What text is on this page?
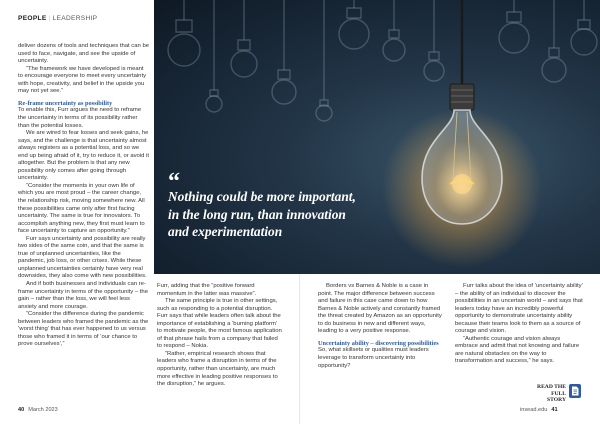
PEOPLE | LEADERSHIP

deliver dozens of tools and techniques that can be used to face, navigate, and see the upside of uncertainty.

“The framework we have developed is meant to encourage everyone to meet every uncertainty with hope, creativity, and belief in the upside you may not yet see.”

Re-frame uncertainty as possibility

To enable this, Furr argues the need to reframe the uncertainty in terms of its possibility rather than the potential losses.

We are wired to fear losses and seek gains, he says, and the challenge is that uncertainty almost always registers as a potential loss, and so we end up being afraid of it, try to reduce it, or avoid it altogether. But the problem is that any new possibility only comes after going through uncertainty.

“Consider the moments in your own life of which you are most proud – the career change, the relationship risk, moving somewhere new. All these possibilities came only after first facing uncertainty. The same is true for innovators. To accomplish anything new, they first must learn to face uncertainty to capture an opportunity.”

Furr says uncertainty and possibility are really two sides of the same coin, and that the same is true of unplanned uncertainties, like the pandemic, job loss, or other crises. While these unplanned uncertainties certainly have very real downsides, they also come with new possibilities.

And if both businesses and individuals can re-frame uncertainty in terms of the opportunity – the gain – rather than the loss, we will feel less anxiety and more courage.

“Consider the difference during the pandemic between leaders who framed the pandemic as the ‘worst thing’ that has ever happened to us versus those who framed it in terms of ‘our chance to prove ourselves’,”

“
Nothing could be more important, in the long run, than innovation and experimentation

Furr, adding that the “positive forward momentum in the latter was massive”.

The same principle is true in other settings, such as responding to a potential disruption. Furr says that while leaders often talk about the importance of establishing a ‘burning platform’ to motivate people, the most famous application of that phrase hails from a company that failed to respond – Nokia.

“Rather, empirical research shows that leaders who frame a disruption in terms of the opportunity, rather than uncertainty, are much more effective in leading positive responses to the disruption,” he argues.

Borders vs Barnes & Noble is a case in point. The major difference between success and failure in this case came down to how Barnes & Noble actively and constantly framed the threat created by Amazon as an opportunity to do business in new and different ways, leading to a very positive response.

Uncertainty ability – discovering possibilities

So, what skillsets or qualities must leaders leverage to transform uncertainty into opportunity?

Furr talks about the idea of ‘uncertainty ability’ – the ability of an individual to discover the possibilities in an uncertain world – and says that leaders today have an incredibly powerful opportunity to demonstrate uncertainty ability because their teams look to them as a source of courage and vision.

“Authentic courage and vision always embrace and admit that not knowing and failure are natural obstacles on the way to transformation and success,” he says.

READ THE FULL STORY
40 March 2023	insead.edu 41
